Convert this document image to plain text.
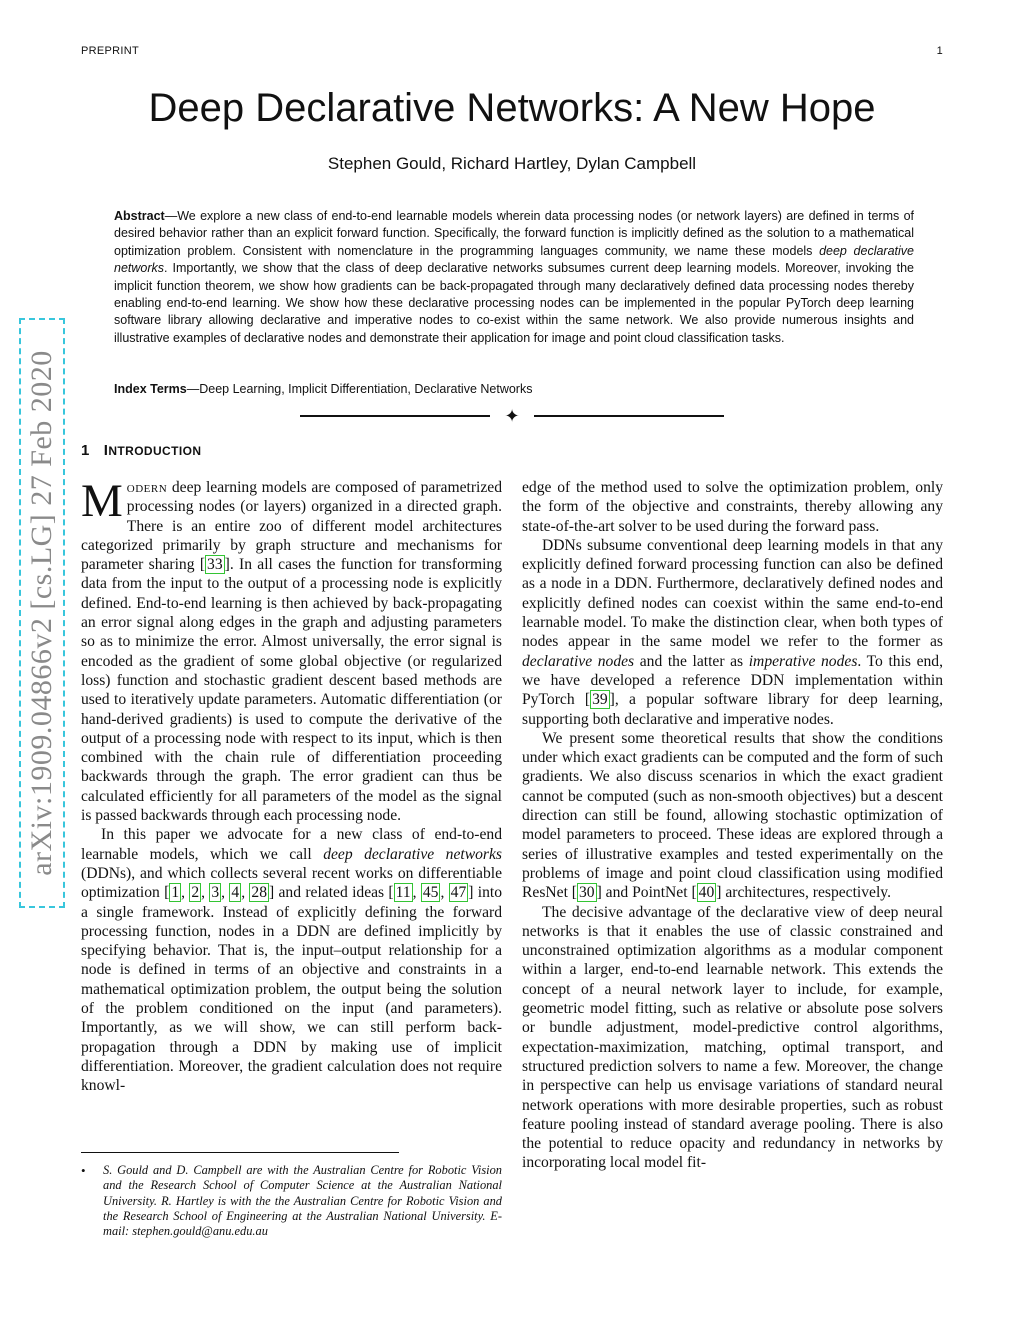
PREPRINT	1
arXiv:1909.04866v2 [cs.LG] 27 Feb 2020
Deep Declarative Networks: A New Hope
Stephen Gould, Richard Hartley, Dylan Campbell

Abstract—We explore a new class of end-to-end learnable models wherein data processing nodes (or network layers) are defined in terms of desired behavior rather than an explicit forward function. Specifically, the forward function is implicitly defined as the solution to a mathematical optimization problem. Consistent with nomenclature in the programming languages community, we name these models deep declarative networks. Importantly, we show that the class of deep declarative networks subsumes current deep learning models. Moreover, invoking the implicit function theorem, we show how gradients can be back-propagated through many declaratively defined data processing nodes thereby enabling end-to-end learning. We show how these declarative processing nodes can be implemented in the popular PyTorch deep learning software library allowing declarative and imperative nodes to co-exist within the same network. We also provide numerous insights and illustrative examples of declarative nodes and demonstrate their application for image and point cloud classification tasks.

Index Terms—Deep Learning, Implicit Differentiation, Declarative Networks

✦
1 INTRODUCTION

Modern deep learning models are composed of parametrized processing nodes (or layers) organized in a directed graph. There is an entire zoo of different model architectures categorized primarily by graph structure and mechanisms for parameter sharing [ 33 ]. In all cases the function for transforming data from the input to the output of a processing node is explicitly defined. End-to-end learning is then achieved by back-propagating an error signal along edges in the graph and adjusting parameters so as to minimize the error. Almost universally, the error signal is encoded as the gradient of some global objective (or regularized loss) function and stochastic gradient descent based methods are used to iteratively update parameters. Automatic differentiation (or hand-derived gradients) is used to compute the derivative of the output of a processing node with respect to its input, which is then combined with the chain rule of differentiation proceeding backwards through the graph. The error gradient can thus be calculated efficiently for all parameters of the model as the signal is passed backwards through each processing node.

In this paper we advocate for a new class of end-to-end learnable models, which we call deep declarative networks (DDNs), and which collects several recent works on differentiable optimization [ 1 , 2 , 3 , 4 , 28 ] and related ideas [ 11 , 45 , 47 ] into a single framework. Instead of explicitly defining the forward processing function, nodes in a DDN are defined implicitly by specifying behavior. That is, the input–output relationship for a node is defined in terms of an objective and constraints in a mathematical optimization problem, the output being the solution of the problem conditioned on the input (and parameters). Importantly, as we will show, we can still perform back-propagation through a DDN by making use of implicit differentiation. Moreover, the gradient calculation does not require knowl-

edge of the method used to solve the optimization problem, only the form of the objective and constraints, thereby allowing any state-of-the-art solver to be used during the forward pass.

DDNs subsume conventional deep learning models in that any explicitly defined forward processing function can also be defined as a node in a DDN. Furthermore, declaratively defined nodes and explicitly defined nodes can coexist within the same end-to-end learnable model. To make the distinction clear, when both types of nodes appear in the same model we refer to the former as declarative nodes and the latter as imperative nodes. To this end, we have developed a reference DDN implementation within PyTorch [ 39 ], a popular software library for deep learning, supporting both declarative and imperative nodes.

We present some theoretical results that show the conditions under which exact gradients can be computed and the form of such gradients. We also discuss scenarios in which the exact gradient cannot be computed (such as non-smooth objectives) but a descent direction can still be found, allowing stochastic optimization of model parameters to proceed. These ideas are explored through a series of illustrative examples and tested experimentally on the problems of image and point cloud classification using modified ResNet [ 30 ] and PointNet [ 40 ] architectures, respectively.

The decisive advantage of the declarative view of deep neural networks is that it enables the use of classic constrained and unconstrained optimization algorithms as a modular component within a larger, end-to-end learnable network. This extends the concept of a neural network layer to include, for example, geometric model fitting, such as relative or absolute pose solvers or bundle adjustment, model-predictive control algorithms, expectation-maximization, matching, optimal transport, and structured prediction solvers to name a few. Moreover, the change in perspective can help us envisage variations of standard neural network operations with more desirable properties, such as robust feature pooling instead of standard average pooling. There is also the potential to reduce opacity and redundancy in networks by incorporating local model fit-

• S. Gould and D. Campbell are with the Australian Centre for Robotic Vision and the Research School of Computer Science at the Australian National University. R. Hartley is with the the Australian Centre for Robotic Vision and the Research School of Engineering at the Australian National University. E-mail: stephen.gould@anu.edu.au
